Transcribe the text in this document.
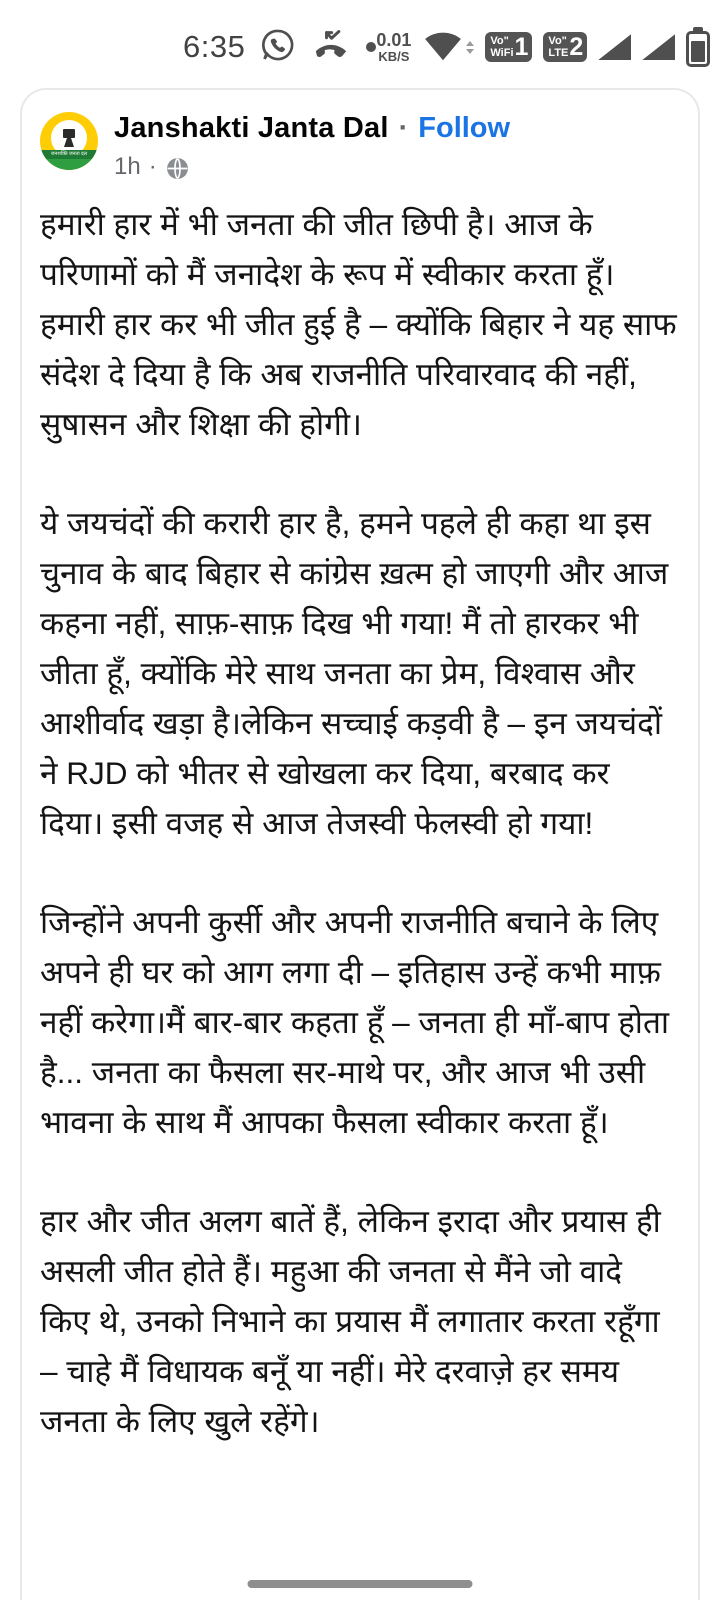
6:35	0.01
KB/S
Vo"
WiFi 1 Vo"
LTE 2
जनशक्ति जनता दल
Janshakti Janta Dal · Follow
1h ·

हमारी हार में भी जनता की जीत छिपी है। आज के परिणामों को मैं जनादेश के रूप में स्वीकार करता हूँ। हमारी हार कर भी जीत हुई है – क्योंकि बिहार ने यह साफ संदेश दे दिया है कि अब राजनीति परिवारवाद की नहीं, सुषासन और शिक्षा की होगी।

ये जयचंदों की करारी हार है, हमने पहले ही कहा था इस चुनाव के बाद बिहार से कांग्रेस ख़त्म हो जाएगी और आज कहना नहीं, साफ़-साफ़ दिख भी गया! मैं तो हारकर भी जीता हूँ, क्योंकि मेरे साथ जनता का प्रेम, विश्वास और आशीर्वाद खड़ा है।लेकिन सच्चाई कड़वी है – इन जयचंदों ने RJD को भीतर से खोखला कर दिया, बरबाद कर दिया। इसी वजह से आज तेजस्वी फेलस्वी हो गया!

जिन्होंने अपनी कुर्सी और अपनी राजनीति बचाने के लिए अपने ही घर को आग लगा दी – इतिहास उन्हें कभी माफ़ नहीं करेगा।मैं बार-बार कहता हूँ – जनता ही माँ-बाप होता है... जनता का फैसला सर-माथे पर, और आज भी उसी भावना के साथ मैं आपका फैसला स्वीकार करता हूँ।

हार और जीत अलग बातें हैं, लेकिन इरादा और प्रयास ही असली जीत होते हैं। महुआ की जनता से मैंने जो वादे किए थे, उनको निभाने का प्रयास मैं लगातार करता रहूँगा – चाहे मैं विधायक बनूँ या नहीं। मेरे दरवाज़े हर समय जनता के लिए खुले रहेंगे।
